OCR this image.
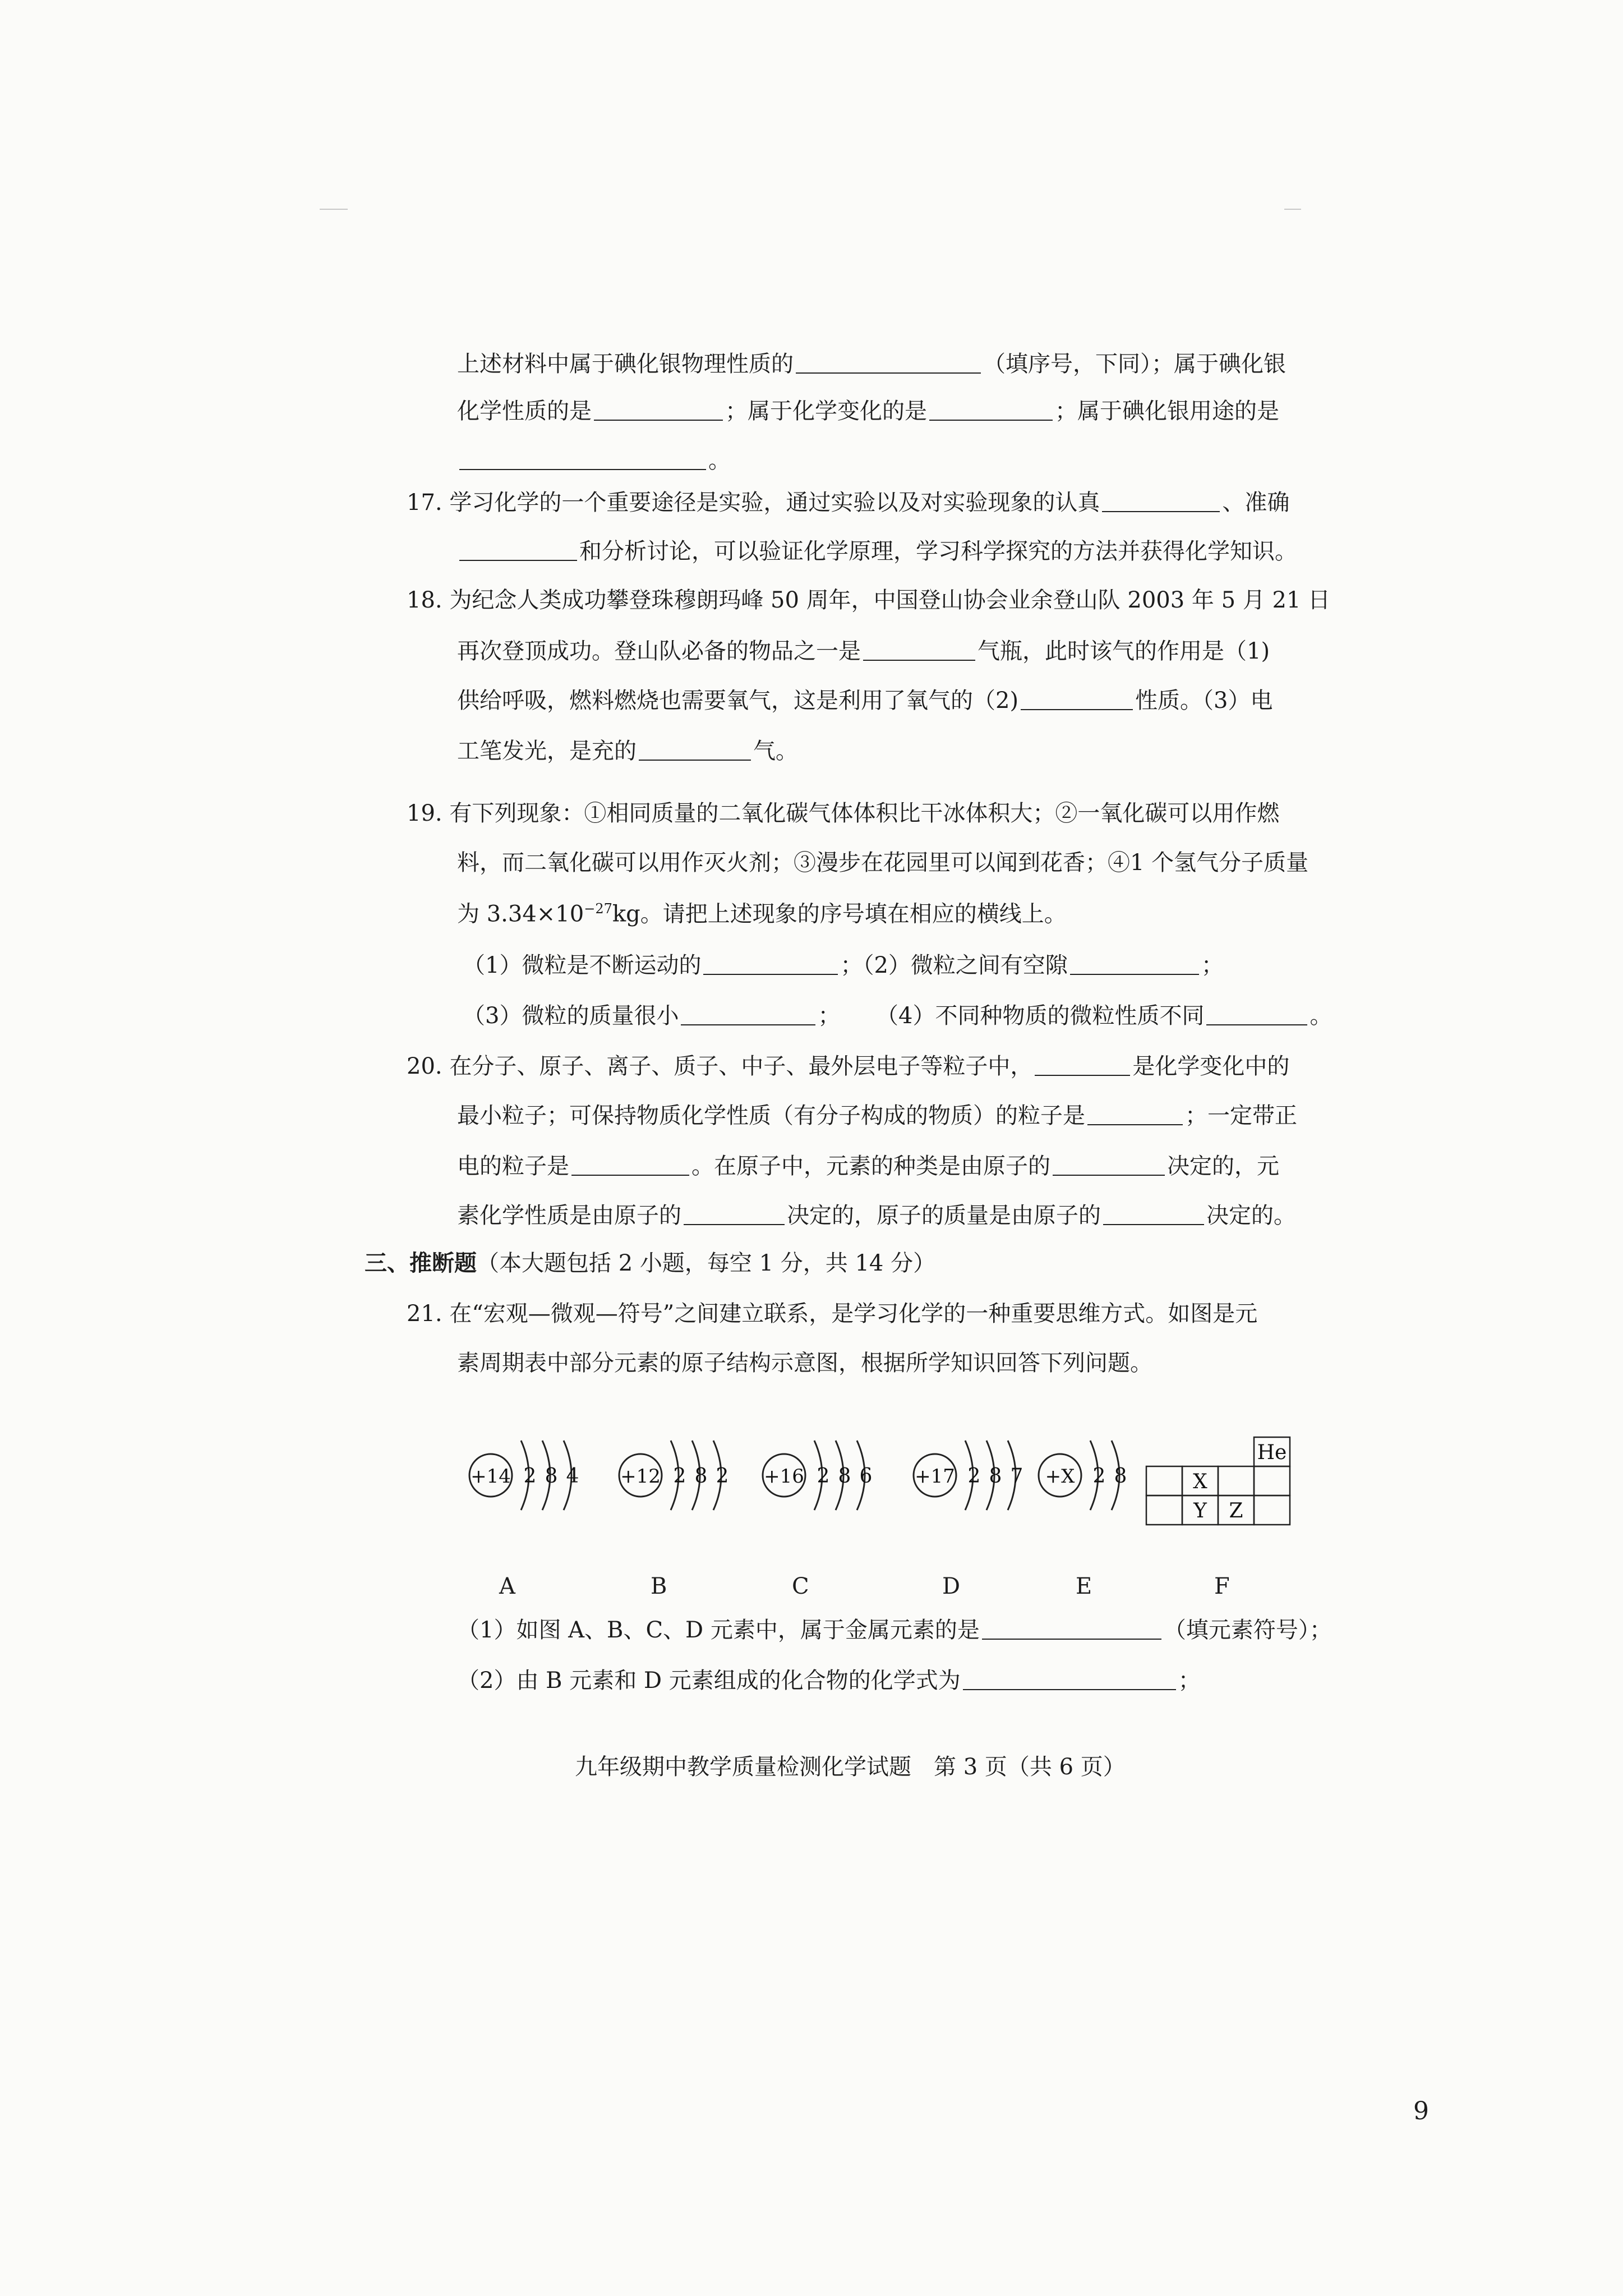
上述材料中属于碘化银物理性质的	（填序号，下同）；属于碘化银
化学性质的是	；属于化学变化的是	；属于碘化银用途的是
。
17. 学习化学的一个重要途径是实验，通过实验以及对实验现象的认真	、准确
和分析讨论，可以验证化学原理，学习科学探究的方法并获得化学知识。
18. 为纪念人类成功攀登珠穆朗玛峰 50 周年，中国登山协会业余登山队 2003 年 5 月 21 日
再次登顶成功。登山队必备的物品之一是	气瓶，此时该气的作用是（1)
供给呼吸，燃料燃烧也需要氧气，这是利用了氧气的（2)	性质。（3）电
工笔发光，是充的	气。
19. 有下列现象：①相同质量的二氧化碳气体体积比干冰体积大；②一氧化碳可以用作燃
料，而二氧化碳可以用作灭火剂；③漫步在花园里可以闻到花香；④1 个氢气分子质量
为 $3.34\times 10^{-27}kg$。请把上述现象的序号填在相应的横线上。
（1）微粒是不断运动的	；（2）微粒之间有空隙	；
（3）微粒的质量很小	； （4）不同种物质的微粒性质不同	。
20. 在分子、原子、离子、质子、中子、最外层电子等粒子中，	是化学变化中的
最小粒子；可保持物质化学性质（有分子构成的物质）的粒子是	；一定带正
电的粒子是	。在原子中，元素的种类是由原子的	决定的，元
素化学性质是由原子的	决定的，原子的质量是由原子的	决定的。
三、推断题（本大题包括 2 小题，每空 1 分，共 14 分）
21. 在“宏观—微观—符号”之间建立联系，是学习化学的一种重要思维方式。如图是元
素周期表中部分元素的原子结构示意图，根据所学知识回答下列问题。
+14 2 8 4 +12 2 8 2 +16 2 8 6 +17 2 8 7 +X 2 8
He
X
Y Z
A	B	C	D	E	F
（1）如图 A、B、C、D 元素中，属于金属元素的是	（填元素符号）；
（2）由 B 元素和 D 元素组成的化合物的化学式为	；
九年级期中教学质量检测化学试题　第 3 页（共 6 页）
9
